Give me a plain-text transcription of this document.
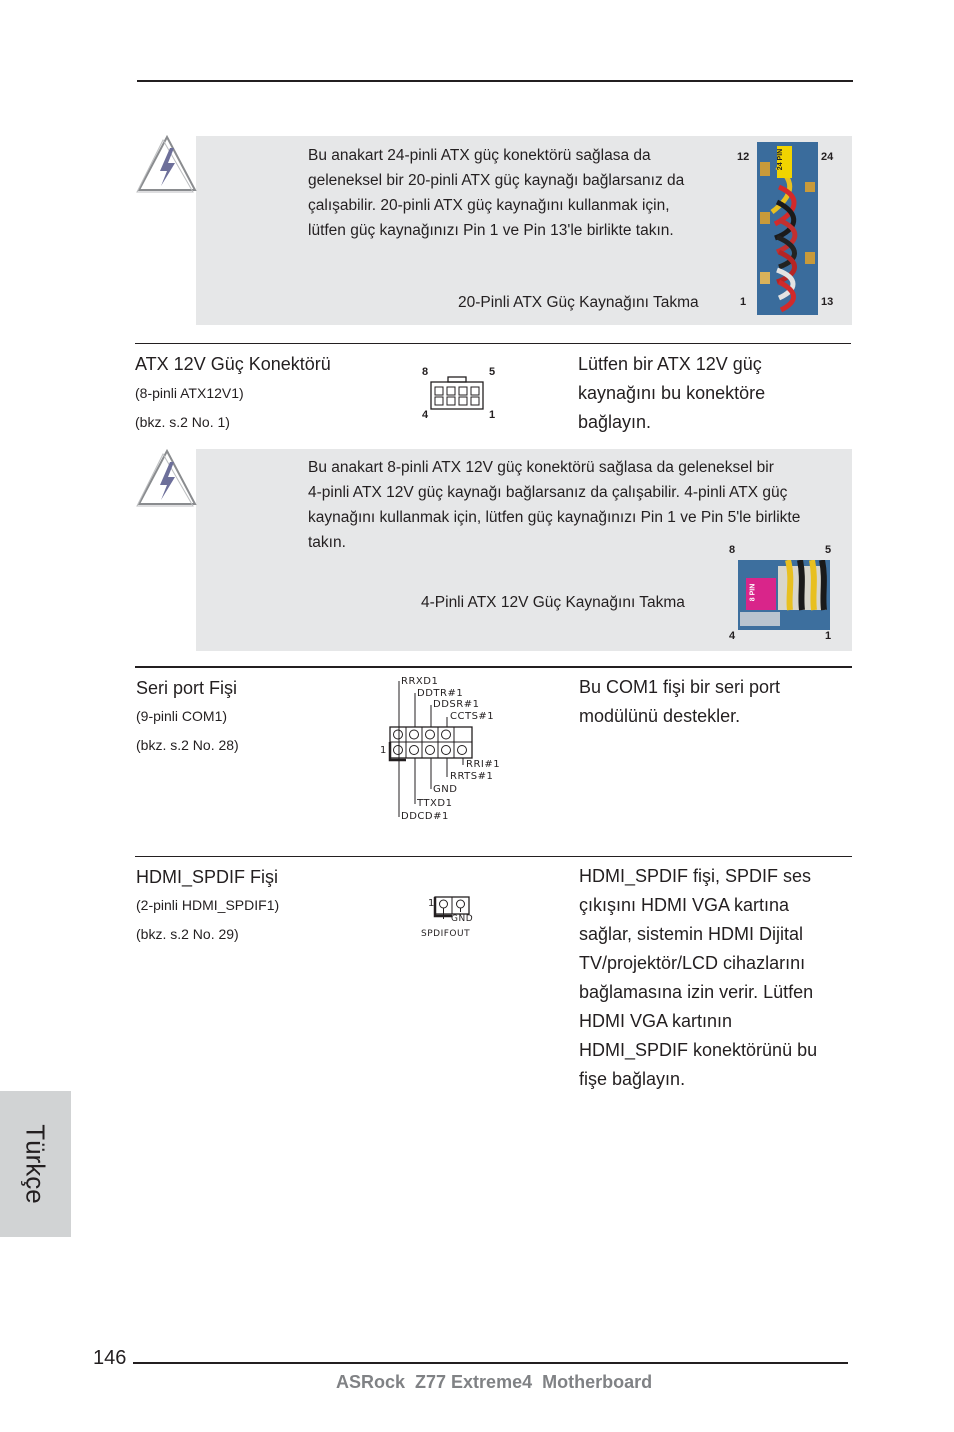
Bu anakart 24-pinli ATX güç konektörü sağlasa da
geleneksel bir 20-pinli ATX güç kaynağı bağlarsanız da
çalışabilir. 20-pinli ATX güç kaynağını kullanmak için,
lütfen güç kaynağınızı Pin 1 ve Pin 13'le birlikte takın.
20-Pinli ATX Güç Kaynağını Takma
12	24
1	13
24 PIN
ATX 12V Güç Konektörü
(8-pinli ATX12V1)
(bkz. s.2 No. 1)
8	5
4	1
Lütfen bir ATX 12V güç
kaynağını bu konektöre
bağlayın.
Bu anakart 8-pinli ATX 12V güç konektörü sağlasa da geleneksel bir
4-pinli ATX 12V güç kaynağı bağlarsanız da çalışabilir. 4-pinli ATX güç
kaynağını kullanmak için, lütfen güç kaynağınızı Pin 1 ve Pin 5'le birlikte
takın.
4-Pinli ATX 12V Güç Kaynağını Takma
8	5
4	1
8 PIN
Seri port Fişi
(9-pinli COM1)
(bkz. s.2 No. 28)
Bu COM1 fişi bir seri port
modülünü destekler.
1
RRXD1
DDTR#1
DDSR#1
CCTS#1
RRI#1
RRTS#1
GND
TTXD1
DDCD#1
HDMI_SPDIF Fişi
(2-pinli HDMI_SPDIF1)
(bkz. s.2 No. 29)
1
GND
SPDIFOUT
HDMI_SPDIF fişi, SPDIF ses
çıkışını HDMI VGA kartına
sağlar, sistemin HDMI Dijital
TV/projektör/LCD cihazlarını
bağlamasına izin verir. Lütfen
HDMI VGA kartının
HDMI_SPDIF konektörünü bu
fişe bağlayın.
Türkçe
146
ASRock  Z77 Extreme4  Motherboard
